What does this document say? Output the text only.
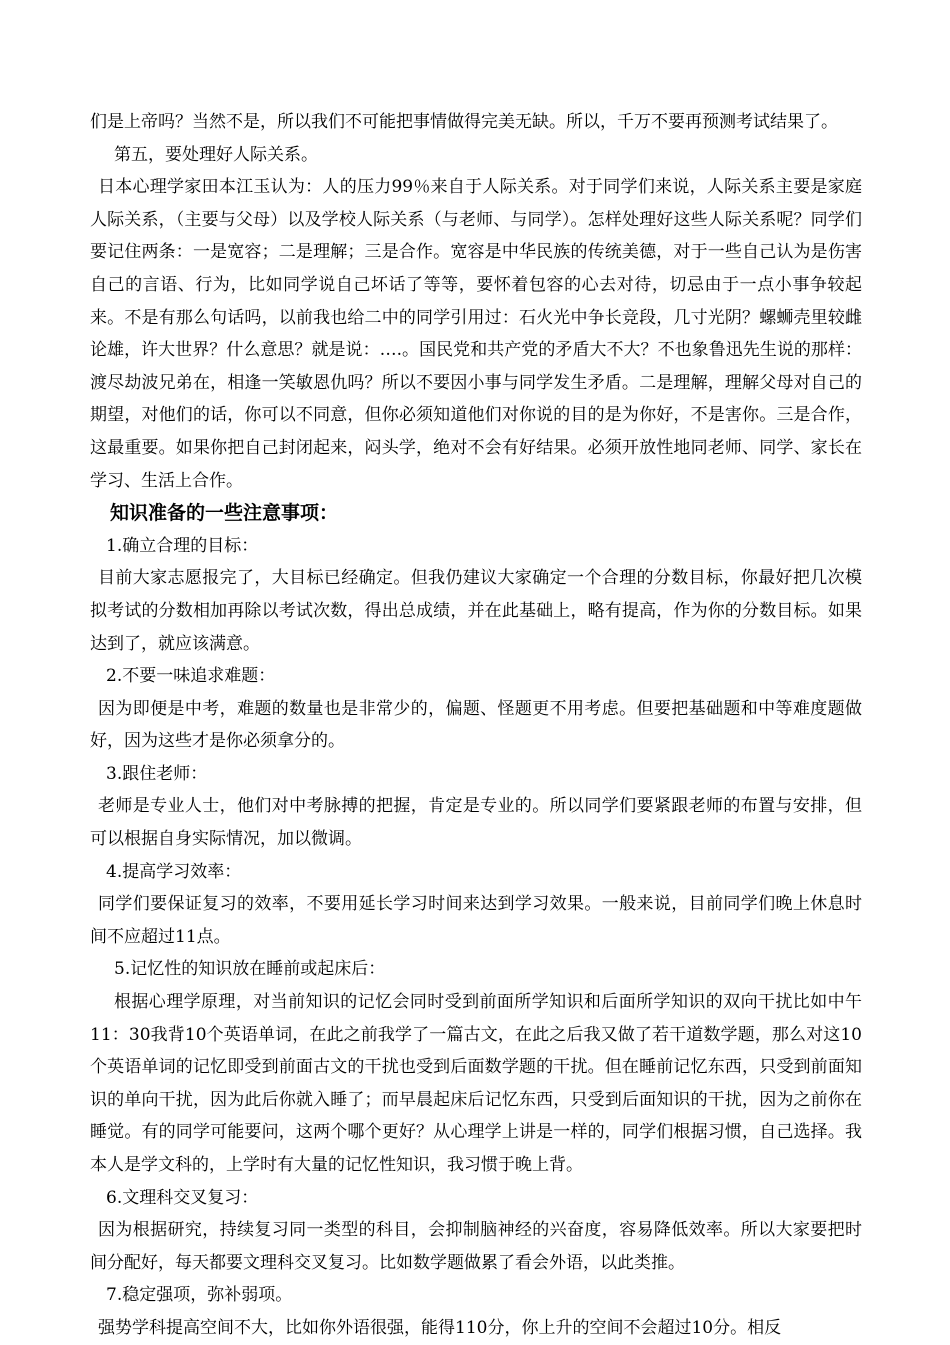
们是上帝吗？当然不是，所以我们不可能把事情做得完美无缺。所以，千万不要再预测考试结果了。

第五，要处理好人际关系。

日本心理学家田本江玉认为：人的压力99％来自于人际关系。对于同学们来说，人际关系主要是家庭人际关系，（主要与父母）以及学校人际关系（与老师、与同学）。怎样处理好这些人际关系呢？同学们要记住两条：一是宽容；二是理解；三是合作。宽容是中华民族的传统美德，对于一些自己认为是伤害自己的言语、行为，比如同学说自己坏话了等等，要怀着包容的心去对待，切忌由于一点小事争较起来。不是有那么句话吗，以前我也给二中的同学引用过：石火光中争长竞段，几寸光阴？螺蛳壳里较雌论雄，许大世界？什么意思？就是说：….。国民党和共产党的矛盾大不大？不也象鲁迅先生说的那样：渡尽劫波兄弟在，相逢一笑敏恩仇吗？所以不要因小事与同学发生矛盾。二是理解，理解父母对自己的期望，对他们的话，你可以不同意，但你必须知道他们对你说的目的是为你好，不是害你。三是合作，这最重要。如果你把自己封闭起来，闷头学，绝对不会有好结果。必须开放性地同老师、同学、家长在学习、生活上合作。

知识准备的一些注意事项：

1.确立合理的目标：

目前大家志愿报完了，大目标已经确定。但我仍建议大家确定一个合理的分数目标，你最好把几次模拟考试的分数相加再除以考试次数，得出总成绩，并在此基础上，略有提高，作为你的分数目标。如果达到了，就应该满意。

2.不要一味追求难题：

因为即便是中考，难题的数量也是非常少的，偏题、怪题更不用考虑。但要把基础题和中等难度题做好，因为这些才是你必须拿分的。

3.跟住老师：

老师是专业人士，他们对中考脉搏的把握，肯定是专业的。所以同学们要紧跟老师的布置与安排，但可以根据自身实际情况，加以微调。

4.提高学习效率：

同学们要保证复习的效率，不要用延长学习时间来达到学习效果。一般来说，目前同学们晚上休息时间不应超过11点。

5.记忆性的知识放在睡前或起床后：

根据心理学原理，对当前知识的记忆会同时受到前面所学知识和后面所学知识的双向干扰比如中午11：30我背10个英语单词，在此之前我学了一篇古文，在此之后我又做了若干道数学题，那么对这10个英语单词的记忆即受到前面古文的干扰也受到后面数学题的干扰。但在睡前记忆东西，只受到前面知识的单向干扰，因为此后你就入睡了；而早晨起床后记忆东西，只受到后面知识的干扰，因为之前你在睡觉。有的同学可能要问，这两个哪个更好？从心理学上讲是一样的，同学们根据习惯，自己选择。我本人是学文科的，上学时有大量的记忆性知识，我习惯于晚上背。

6.文理科交叉复习：

因为根据研究，持续复习同一类型的科目，会抑制脑神经的兴奋度，容易降低效率。所以大家要把时间分配好，每天都要文理科交叉复习。比如数学题做累了看会外语，以此类推。

7.稳定强项，弥补弱项。

强势学科提高空间不大，比如你外语很强，能得110分，你上升的空间不会超过10分。相反
